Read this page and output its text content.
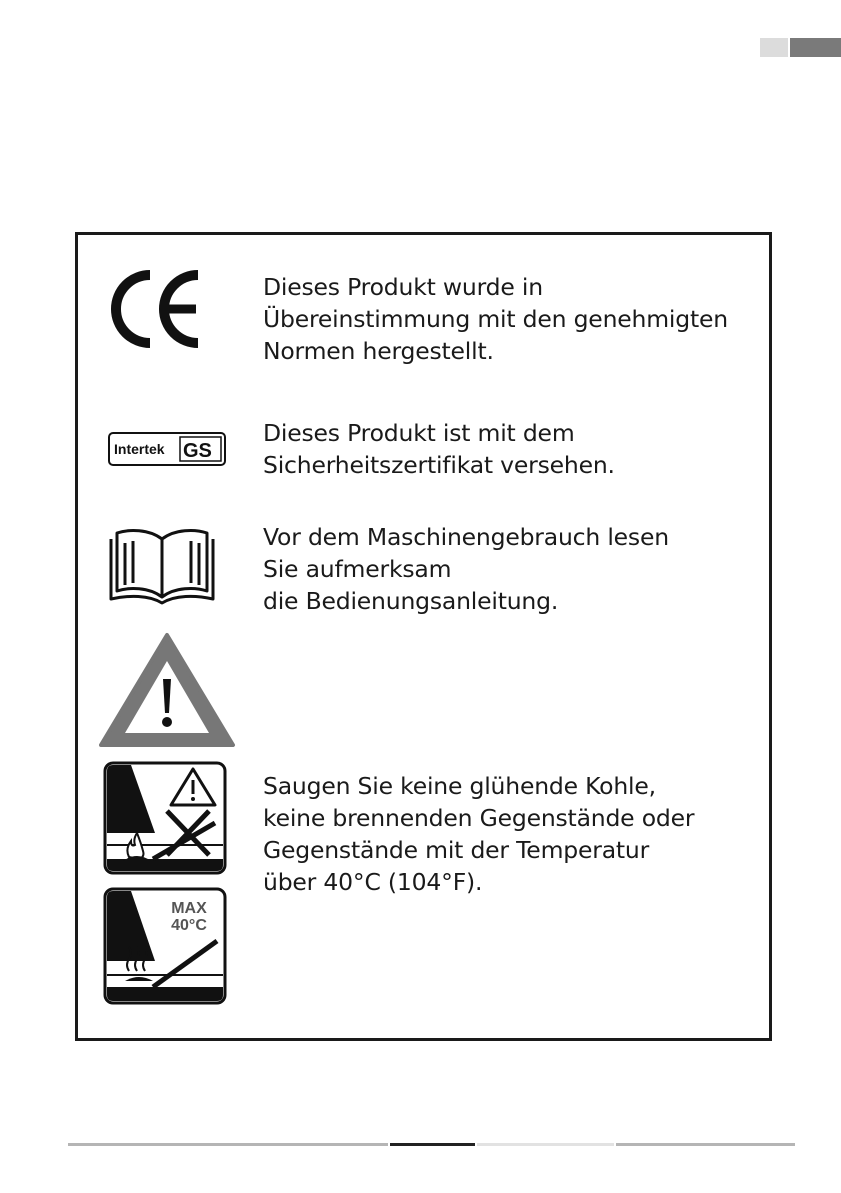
Dieses Produkt wurde in
Übereinstimmung mit den genehmigten
Normen hergestellt.
Intertek GS
Dieses Produkt ist mit dem
Sicherheitszertifikat versehen.
Vor dem Maschinengebrauch lesen
Sie aufmerksam
die Bedienungsanleitung.
MAX
40°C
Saugen Sie keine glühende Kohle,
keine brennenden Gegenstände oder
Gegenstände mit der Temperatur
über 40°C (104°F).
